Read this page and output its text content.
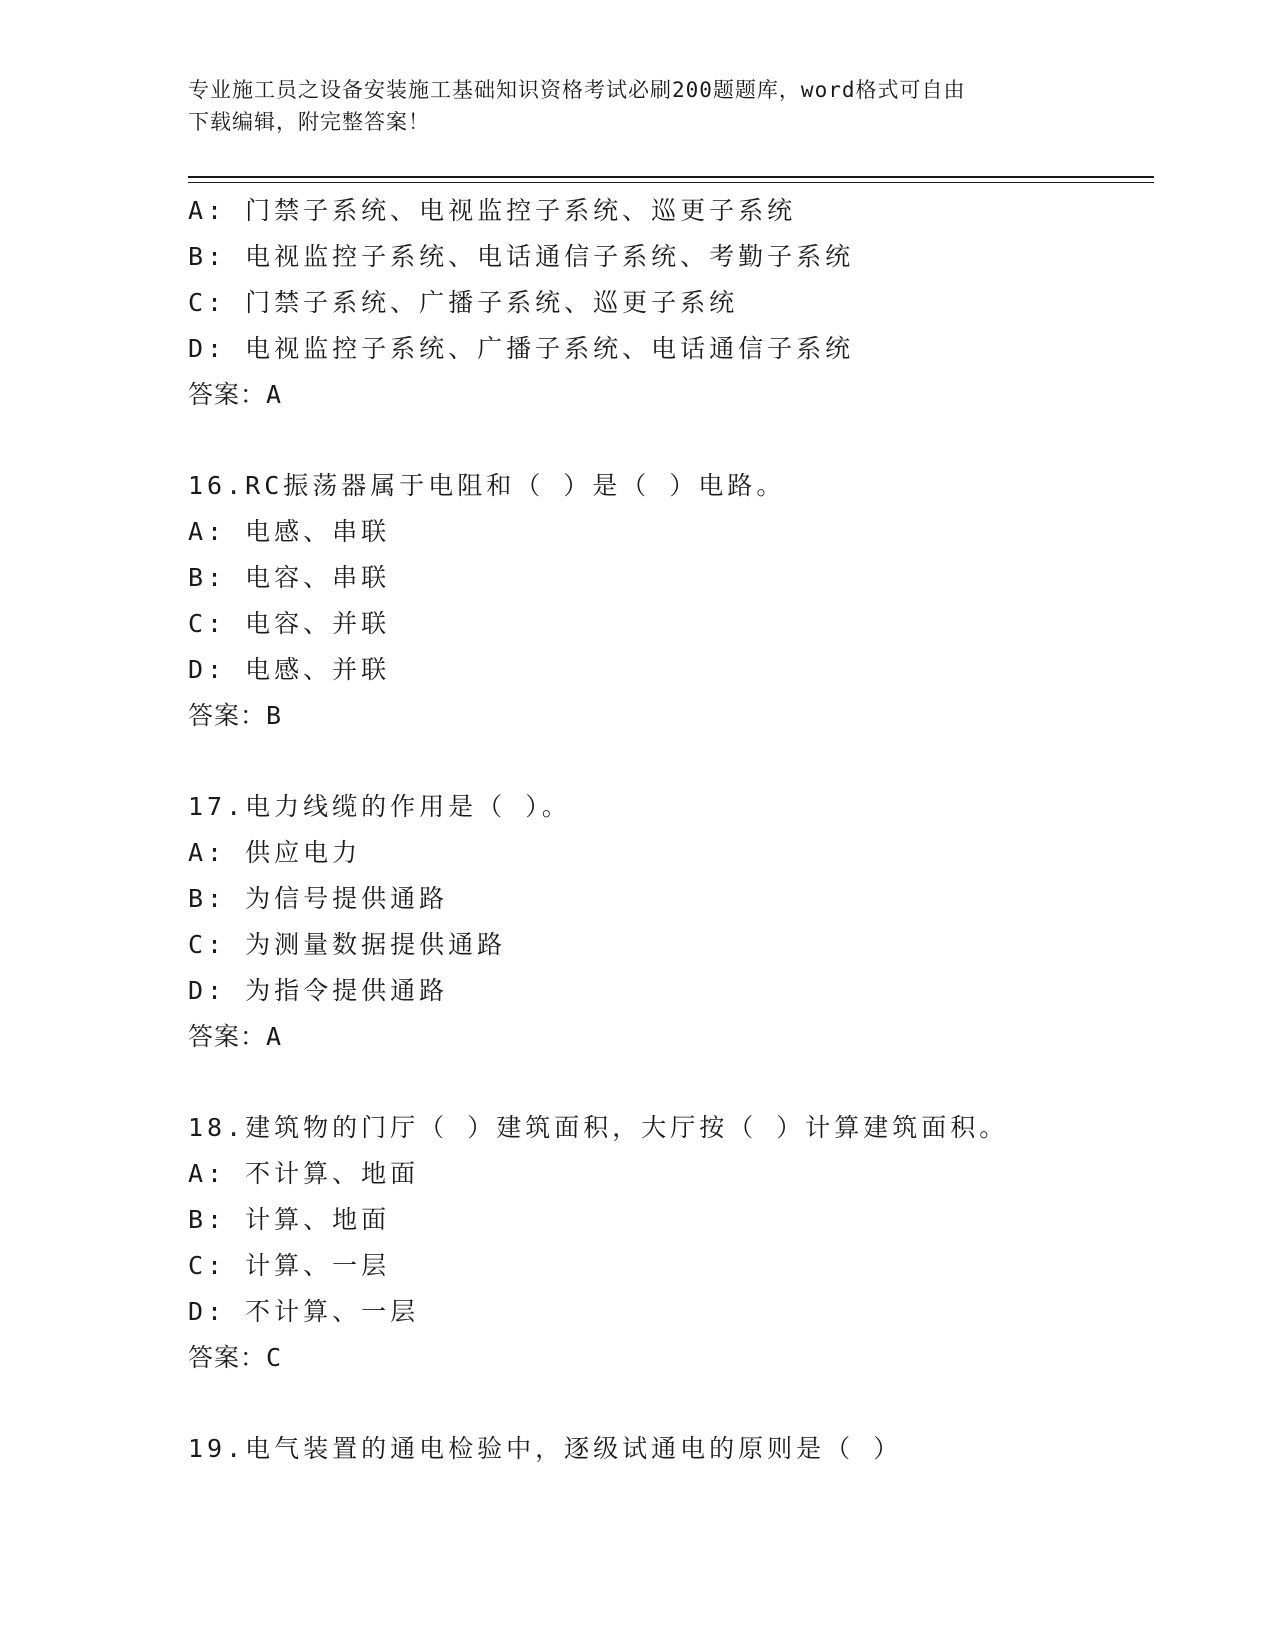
专业施工员之设备安装施工基础知识资格考试必刷200题题库，word格式可自由
下载编辑，附完整答案！
A: 门禁子系统、电视监控子系统、巡更子系统
B: 电视监控子系统、电话通信子系统、考勤子系统
C: 门禁子系统、广播子系统、巡更子系统
D: 电视监控子系统、广播子系统、电话通信子系统
答案：A
16.RC振荡器属于电阻和（ ）是（ ）电路。
A: 电感、串联
B: 电容、串联
C: 电容、并联
D: 电感、并联
答案：B
17.电力线缆的作用是（ ）。
A: 供应电力
B: 为信号提供通路
C: 为测量数据提供通路
D: 为指令提供通路
答案：A
18.建筑物的门厅（ ）建筑面积，大厅按（ ）计算建筑面积。
A: 不计算、地面
B: 计算、地面
C: 计算、一层
D: 不计算、一层
答案：C
19.电气装置的通电检验中，逐级试通电的原则是（ ）
